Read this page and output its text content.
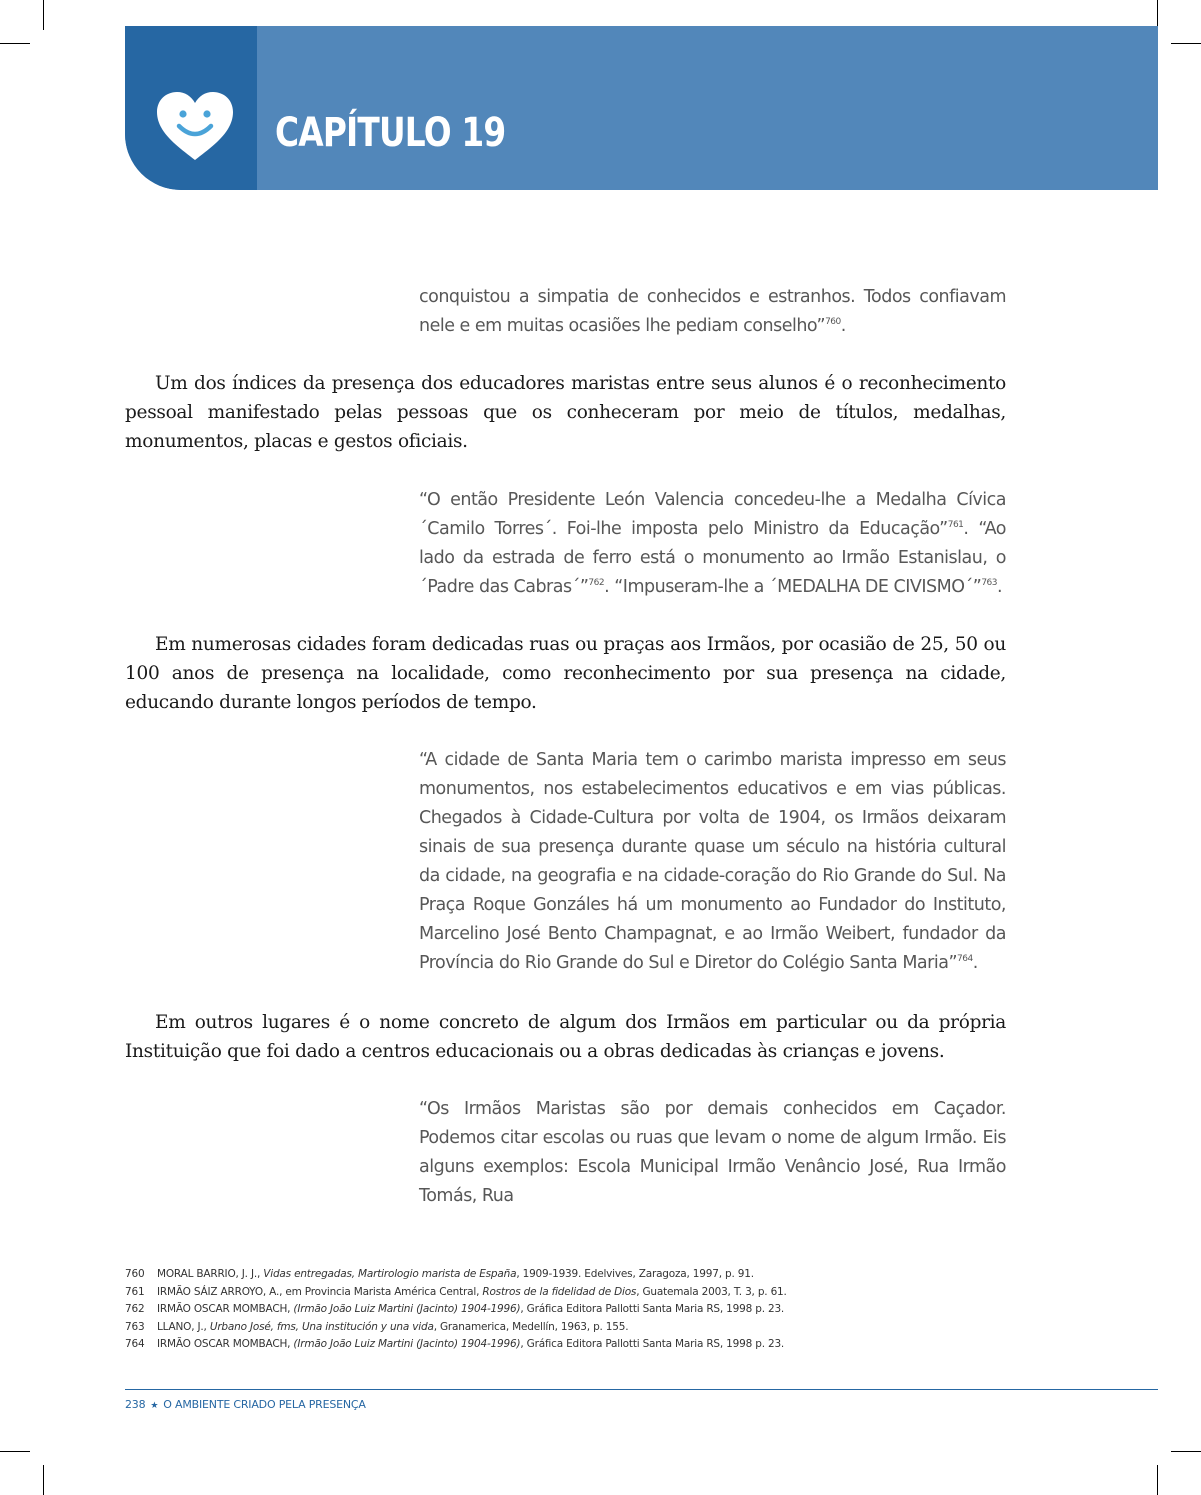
CAPÍTULO 19

conquistou a simpatia de conhecidos e estranhos. Todos confiavam nele e em muitas ocasiões lhe pediam conselho”$^{760}$.

Um dos índices da presença dos educadores maristas entre seus alunos é o reconhecimento pessoal manifestado pelas pessoas que os conheceram por meio de títulos, medalhas, monumentos, placas e gestos oficiais.

“O então Presidente León Valencia concedeu-lhe a Medalha Cívica ´Camilo Torres´. Foi-lhe imposta pelo Ministro da Educação”$^{761}$. “Ao lado da estrada de ferro está o monumento ao Irmão Estanislau, o ´Padre das Cabras´”$^{762}$. “Impuseram-lhe a ´MEDALHA DE CIVISMO´”$^{763}$.

Em numerosas cidades foram dedicadas ruas ou praças aos Irmãos, por ocasião de 25, 50 ou 100 anos de presença na localidade, como reconhecimento por sua presença na cidade, educando durante longos períodos de tempo.

“A cidade de Santa Maria tem o carimbo marista impresso em seus monumentos, nos estabelecimentos educativos e em vias públicas. Chegados à Cidade-Cultura por volta de 1904, os Irmãos deixaram sinais de sua presença durante quase um século na história cultural da cidade, na geografia e na cidade-coração do Rio Grande do Sul. Na Praça Roque Gonzáles há um monumento ao Fundador do Instituto, Marcelino José Bento Champagnat, e ao Irmão Weibert, fundador da Província do Rio Grande do Sul e Diretor do Colégio Santa Maria”$^{764}$.

Em outros lugares é o nome concreto de algum dos Irmãos em particular ou da própria Instituição que foi dado a centros educacionais ou a obras dedicadas às crianças e jovens.

“Os Irmãos Maristas são por demais conhecidos em Caçador. Podemos citar escolas ou ruas que levam o nome de algum Irmão. Eis alguns exemplos: Escola Municipal Irmão Venâncio José, Rua Irmão Tomás, Rua

760 MORAL BARRIO, J. J., Vidas entregadas, Martirologio marista de España, 1909-1939. Edelvives, Zaragoza, 1997, p. 91.
761 IRMÃO SÁIZ ARROYO, A., em Provincia Marista América Central, Rostros de la fidelidad de Dios, Guatemala 2003, T. 3, p. 61.
762 IRMÃO OSCAR MOMBACH, (Irmão João Luiz Martini (Jacinto) 1904-1996), Gráfica Editora Pallotti Santa Maria RS, 1998 p. 23.
763 LLANO, J., Urbano José, fms, Una institución y una vida, Granamerica, Medellín, 1963, p. 155.
764 IRMÃO OSCAR MOMBACH, (Irmão João Luiz Martini (Jacinto) 1904-1996), Gráfica Editora Pallotti Santa Maria RS, 1998 p. 23.
238 ★ O AMBIENTE CRIADO PELA PRESENÇA
